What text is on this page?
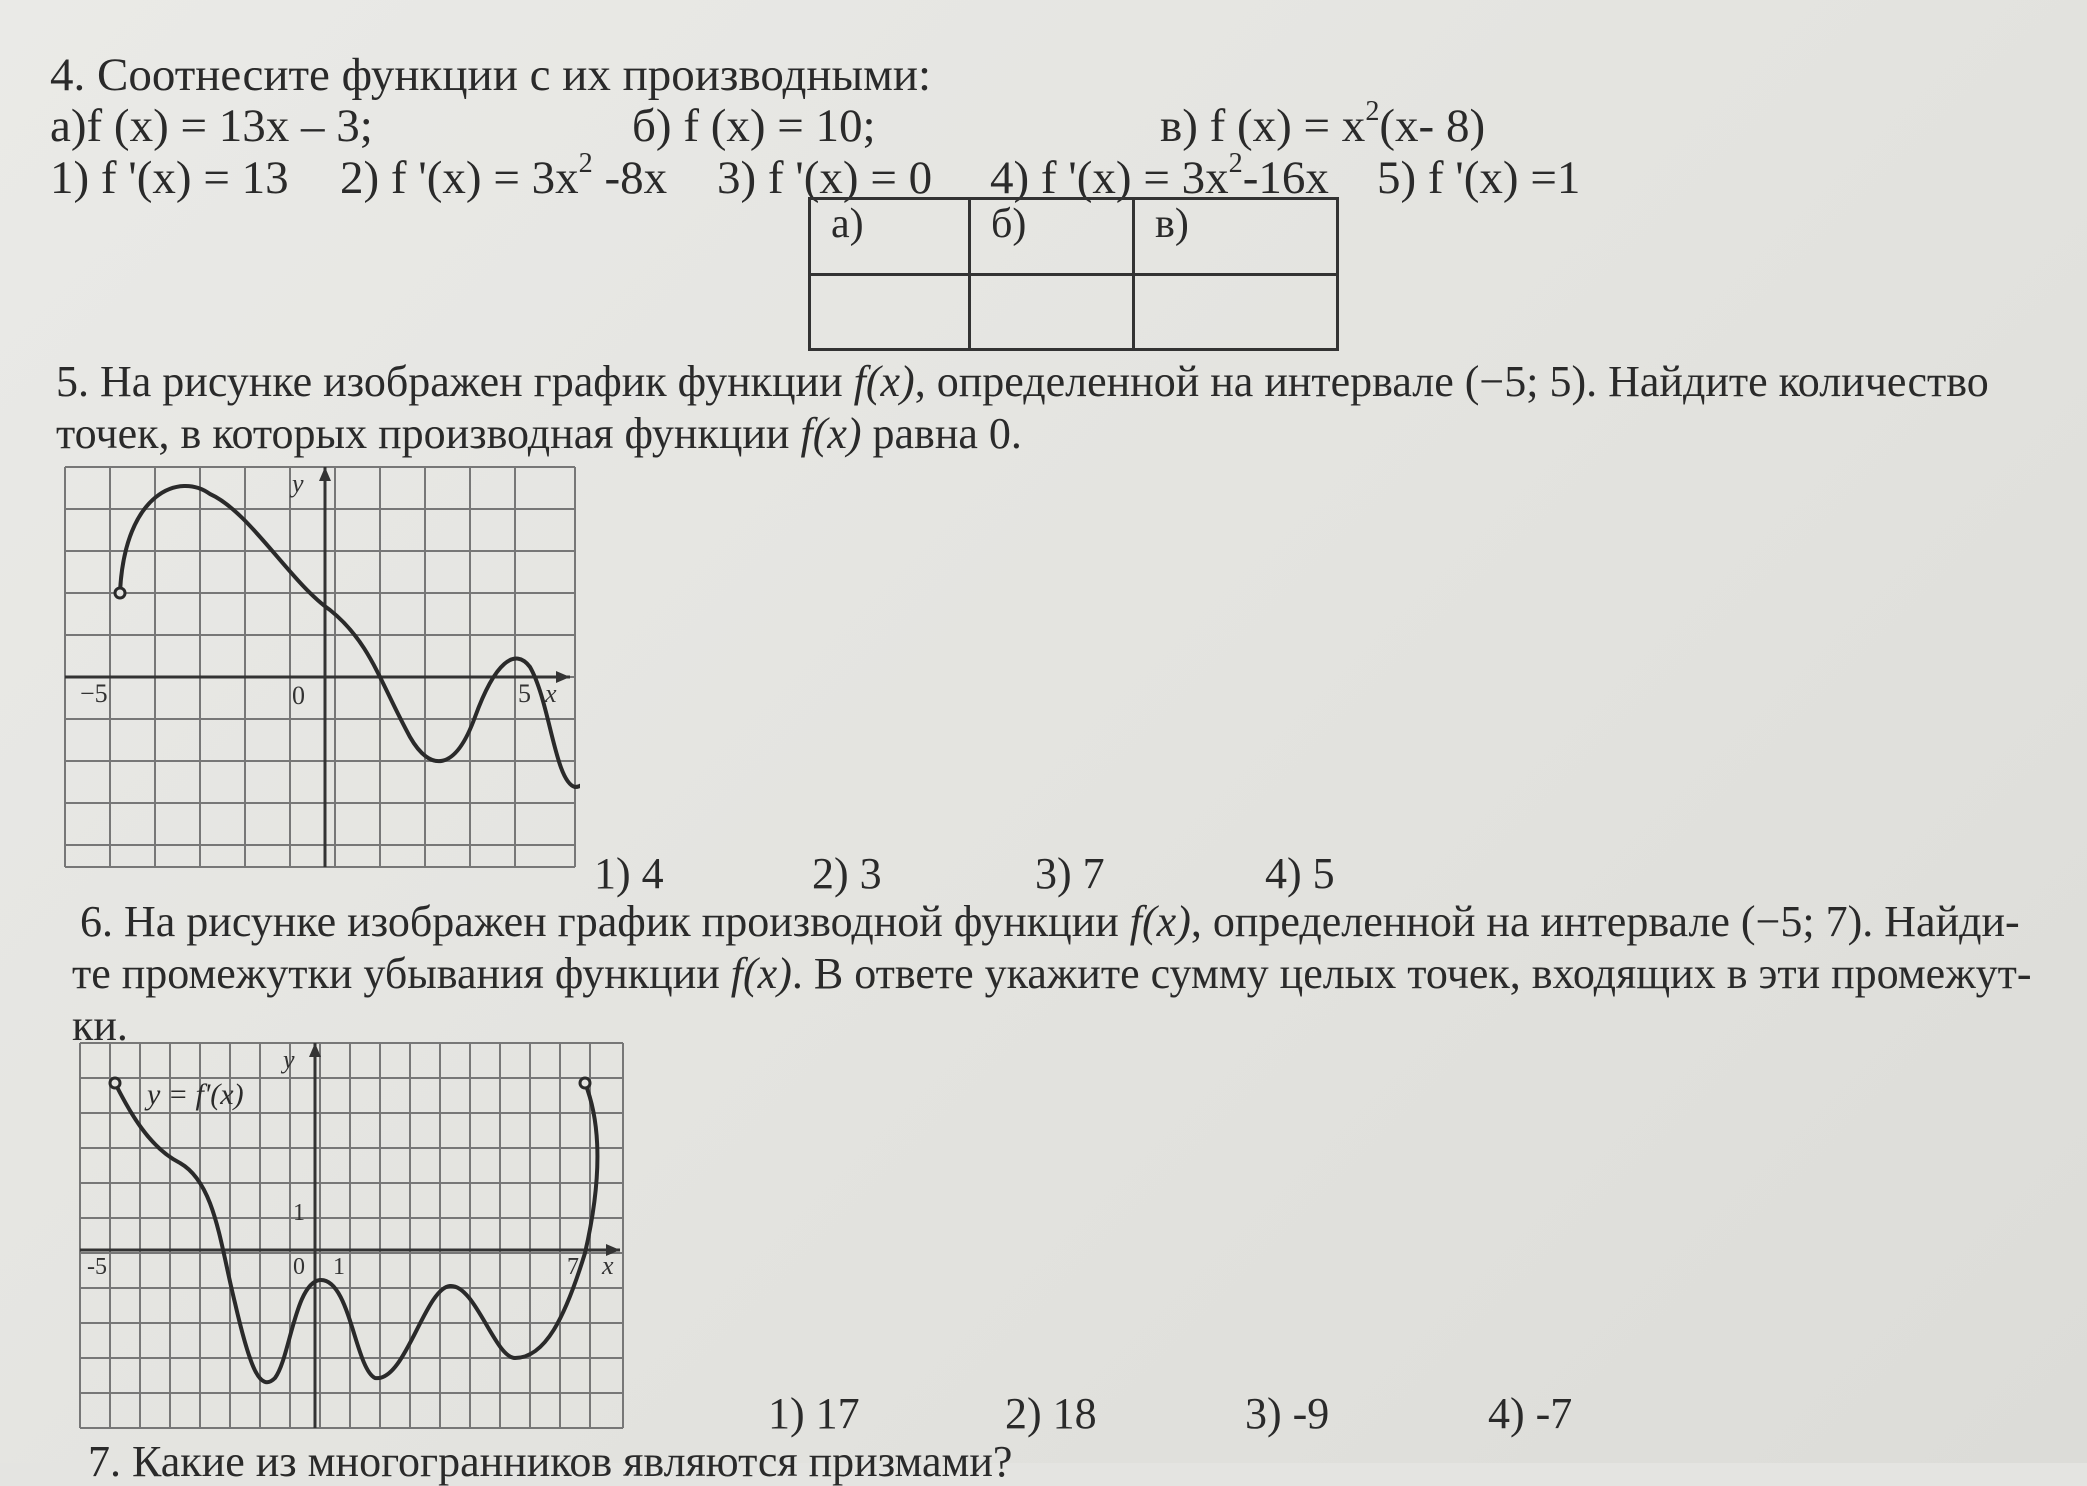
4. Соотнесите функции с их производными:
а)f (x) = 13x – 3;	б) f (x) = 10;	в) f $(x) = x^2(x-$ 8)
1) f '(x) = 13 2) f '$(x) = 3x^2$ -8x 3) f '(x) = 0 4) f '$(x) = 3x^2-16x$ 5) f '(x) =1
а)	б)	в)

5. На рисунке изображен график функции f(x), определенной на интервале (−5; 5). Найдите количество
точек, в которых производная функции f(x) равна 0.
y
x
−5	0	5
1) 4	2) 3	3) 7	4) 5
6. На рисунке изображен график производной функции f(x), определенной на интервале (−5; 7). Найди-
те промежутки убывания функции f(x). В ответе укажите сумму целых точек, входящих в эти промежут-
ки.
y
x
y = f'(x)
-5	0 1
1
7
1) 17	2) 18	3) -9	4) -7
7. Какие из многогранников являются призмами?
